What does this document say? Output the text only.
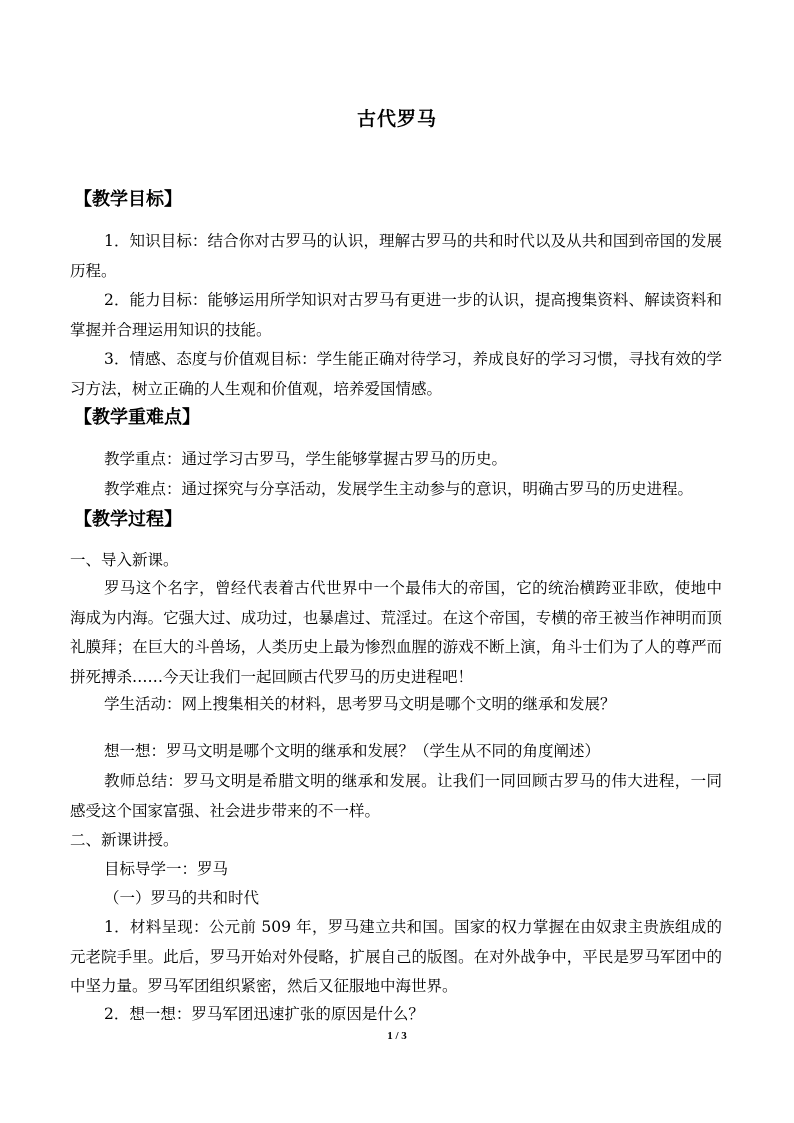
古代罗马
【教学目标】
1．知识目标：结合你对古罗马的认识，理解古罗马的共和时代以及从共和国到帝国的发展历程。
2．能力目标：能够运用所学知识对古罗马有更进一步的认识，提高搜集资料、解读资料和掌握并合理运用知识的技能。
3．情感、态度与价值观目标：学生能正确对待学习，养成良好的学习习惯，寻找有效的学习方法，树立正确的人生观和价值观，培养爱国情感。
【教学重难点】
教学重点：通过学习古罗马，学生能够掌握古罗马的历史。
教学难点：通过探究与分享活动，发展学生主动参与的意识，明确古罗马的历史进程。
【教学过程】
一、导入新课。
罗马这个名字，曾经代表着古代世界中一个最伟大的帝国，它的统治横跨亚非欧，使地中海成为内海。它强大过、成功过，也暴虐过、荒淫过。在这个帝国，专横的帝王被当作神明而顶礼膜拜；在巨大的斗兽场，人类历史上最为惨烈血腥的游戏不断上演，角斗士们为了人的尊严而拼死搏杀……今天让我们一起回顾古代罗马的历史进程吧！
学生活动：网上搜集相关的材料，思考罗马文明是哪个文明的继承和发展？
想一想：罗马文明是哪个文明的继承和发展？（学生从不同的角度阐述）
教师总结：罗马文明是希腊文明的继承和发展。让我们一同回顾古罗马的伟大进程，一同感受这个国家富强、社会进步带来的不一样。
二、新课讲授。
目标导学一：罗马
（一）罗马的共和时代
1．材料呈现：公元前 509 年，罗马建立共和国。国家的权力掌握在由奴隶主贵族组成的元老院手里。此后，罗马开始对外侵略，扩展自己的版图。在对外战争中，平民是罗马军团中的中坚力量。罗马军团组织紧密，然后又征服地中海世界。
2．想一想：罗马军团迅速扩张的原因是什么？
1 / 3
